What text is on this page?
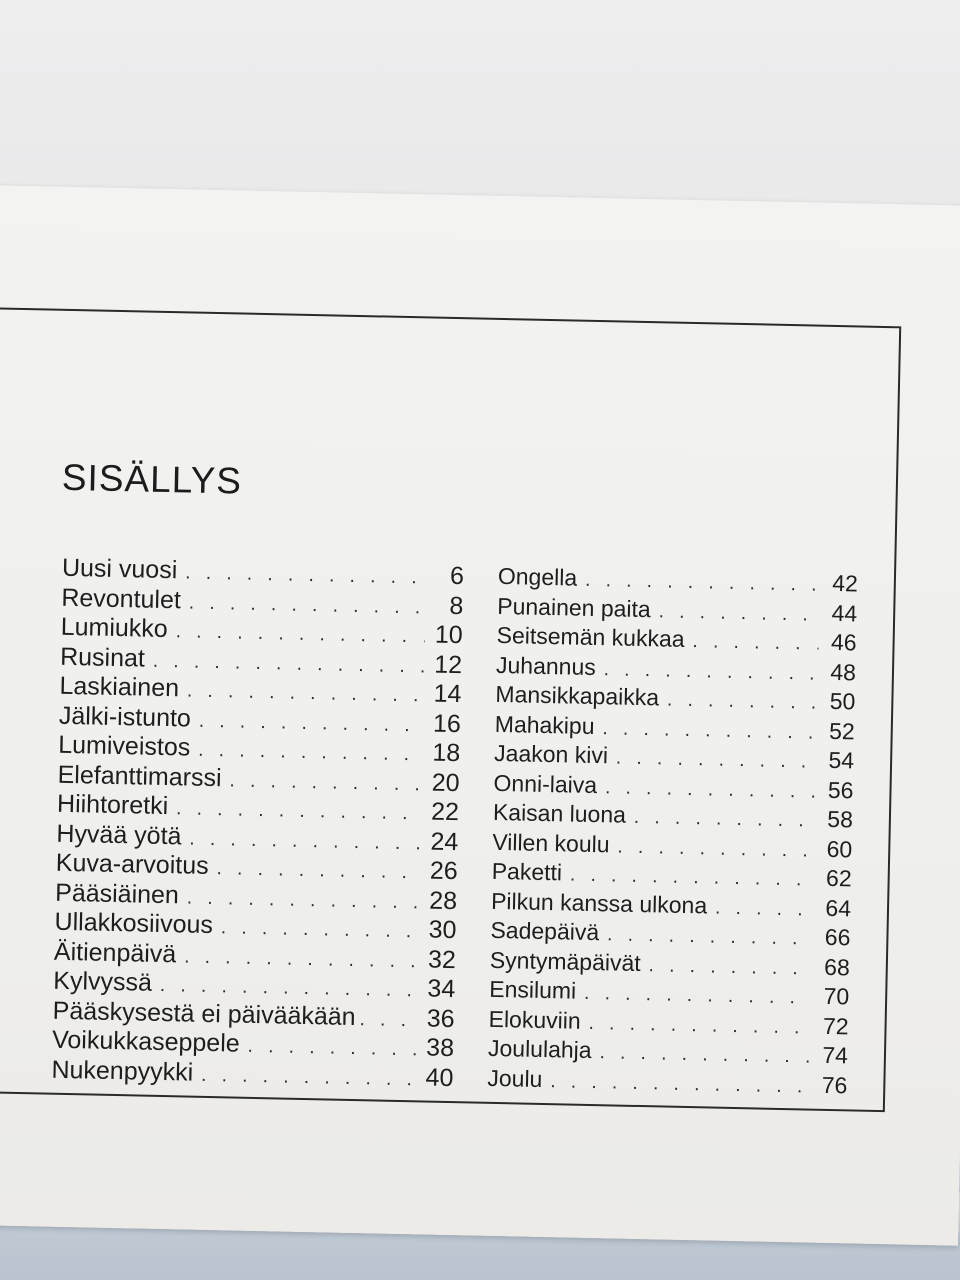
SISÄLLYS
Uusi vuosi . . .	6
Revontulet . . .	8
Lumiukko . . .	10
Rusinat . . .	12
Laskiainen . . .	14
Jälki-istunto . . .	16
Lumiveistos . . .	18
Elefanttimarssi . . .	20
Hiihtoretki . . .	22
Hyvää yötä . . .	24
Kuva-arvoitus . . .	26
Pääsiäinen . . .	28
Ullakkosiivous . . .	30
Äitienpäivä . . .	32
Kylvyssä . . .	34
Pääskysestä ei päivääkään . . .	36
Voikukkaseppele . . .	38
Nukenpyykki . . .	40
Ongella . . .	42
Punainen paita . . .	44
Seitsemän kukkaa . . .	46
Juhannus . . .	48
Mansikkapaikka . . .	50
Mahakipu . . .	52
Jaakon kivi . . .	54
Onni-laiva . . .	56
Kaisan luona . . .	58
Villen koulu . . .	60
Paketti . . .	62
Pilkun kanssa ulkona . . .	64
Sadepäivä . . .	66
Syntymäpäivät . . .	68
Ensilumi . . .	70
Elokuviin . . .	72
Joululahja . . .	74
Joulu . . .	76
